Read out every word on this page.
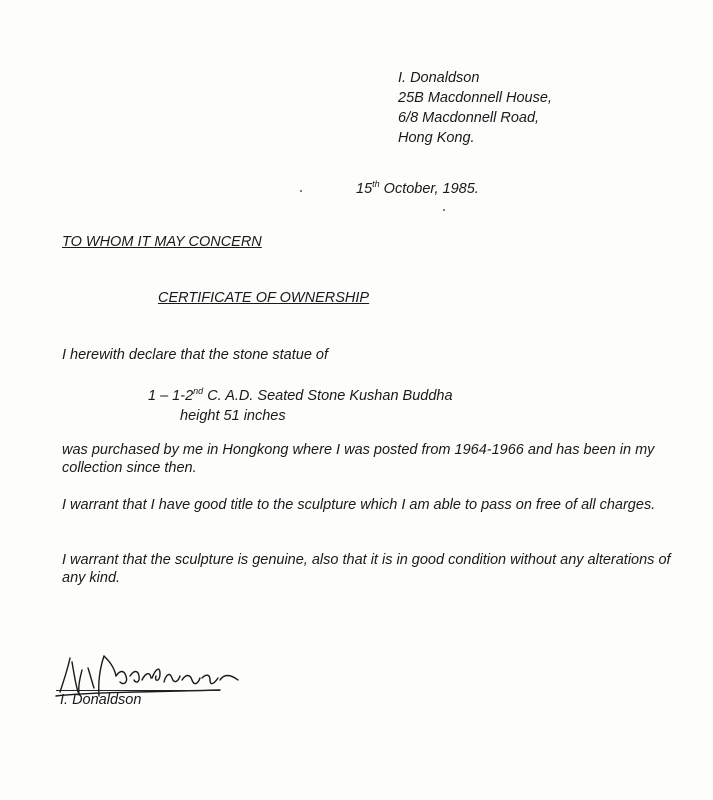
I. Donaldson
25B Macdonnell House,
6/8 Macdonnell Road,
Hong Kong.
15th October, 1985.
TO WHOM IT MAY CONCERN
CERTIFICATE OF OWNERSHIP
I herewith declare that the stone statue of
1 – 1-2nd C. A.D. Seated Stone Kushan Buddha
height 51 inches
was purchased by me in Hongkong where I was posted from 1964-1966 and has been in my collection since then.
I warrant that I have good title to the sculpture which I am able to pass on free of all charges.
I warrant that the sculpture is genuine, also that it is in good condition without any alterations of any kind.
I. Donaldson
